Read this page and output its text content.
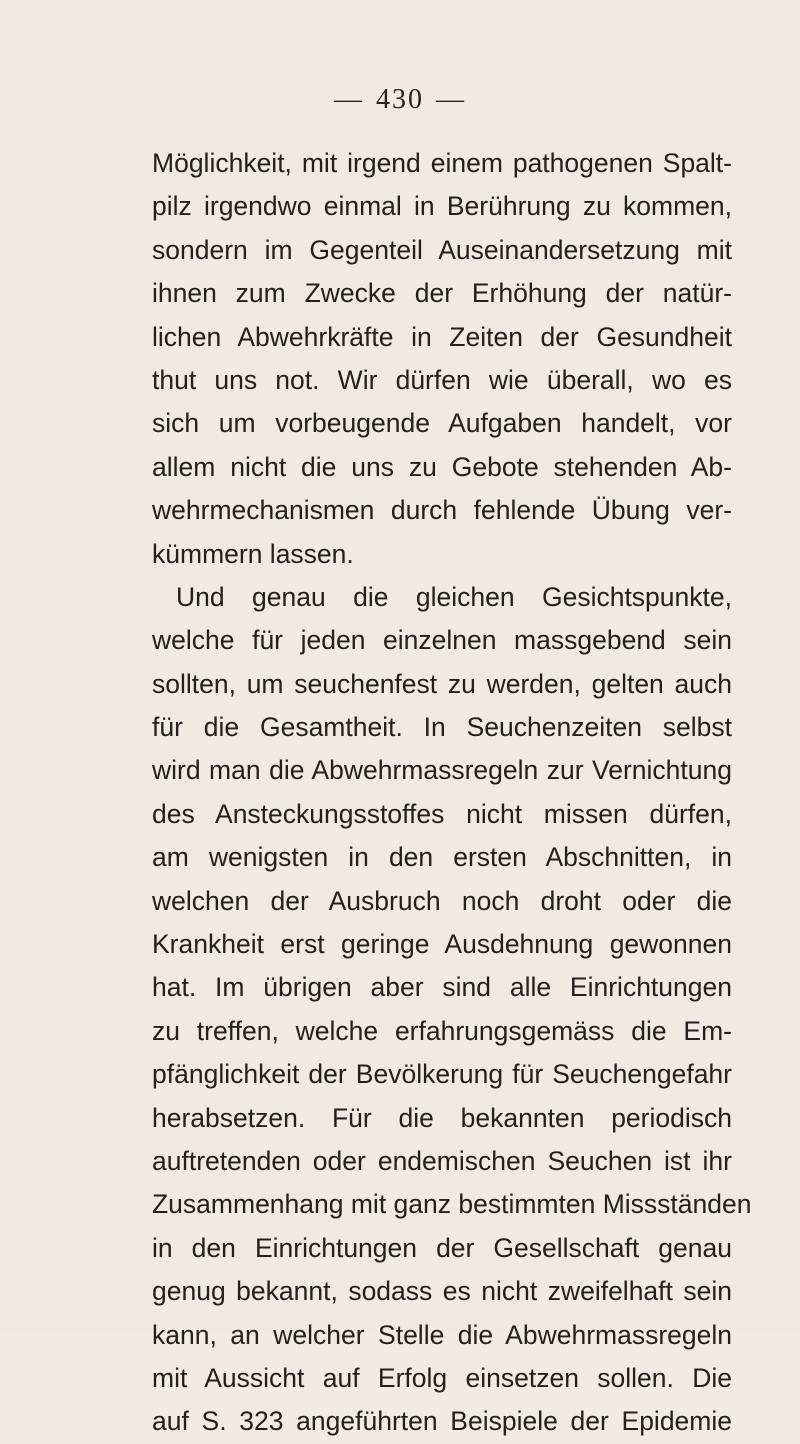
— 430 —
Möglichkeit, mit irgend einem pathogenen Spalt-
pilz irgendwo einmal in Berührung zu kommen,
sondern im Gegenteil Auseinandersetzung mit
ihnen zum Zwecke der Erhöhung der natür-
lichen Abwehrkräfte in Zeiten der Gesundheit
thut uns not. Wir dürfen wie überall, wo es
sich um vorbeugende Aufgaben handelt, vor
allem nicht die uns zu Gebote stehenden Ab-
wehrmechanismen durch fehlende Übung ver-
kümmern lassen.
Und genau die gleichen Gesichtspunkte,
welche für jeden einzelnen massgebend sein
sollten, um seuchenfest zu werden, gelten auch
für die Gesamtheit. In Seuchenzeiten selbst
wird man die Abwehrmassregeln zur Vernichtung
des Ansteckungsstoffes nicht missen dürfen,
am wenigsten in den ersten Abschnitten, in
welchen der Ausbruch noch droht oder die
Krankheit erst geringe Ausdehnung gewonnen
hat. Im übrigen aber sind alle Einrichtungen
zu treffen, welche erfahrungsgemäss die Em-
pfänglichkeit der Bevölkerung für Seuchengefahr
herabsetzen. Für die bekannten periodisch
auftretenden oder endemischen Seuchen ist ihr
Zusammenhang mit ganz bestimmten Missständen
in den Einrichtungen der Gesellschaft genau
genug bekannt, sodass es nicht zweifelhaft sein
kann, an welcher Stelle die Abwehrmassregeln
mit Aussicht auf Erfolg einsetzen sollen. Die
auf S. 323 angeführten Beispiele der Epidemie
